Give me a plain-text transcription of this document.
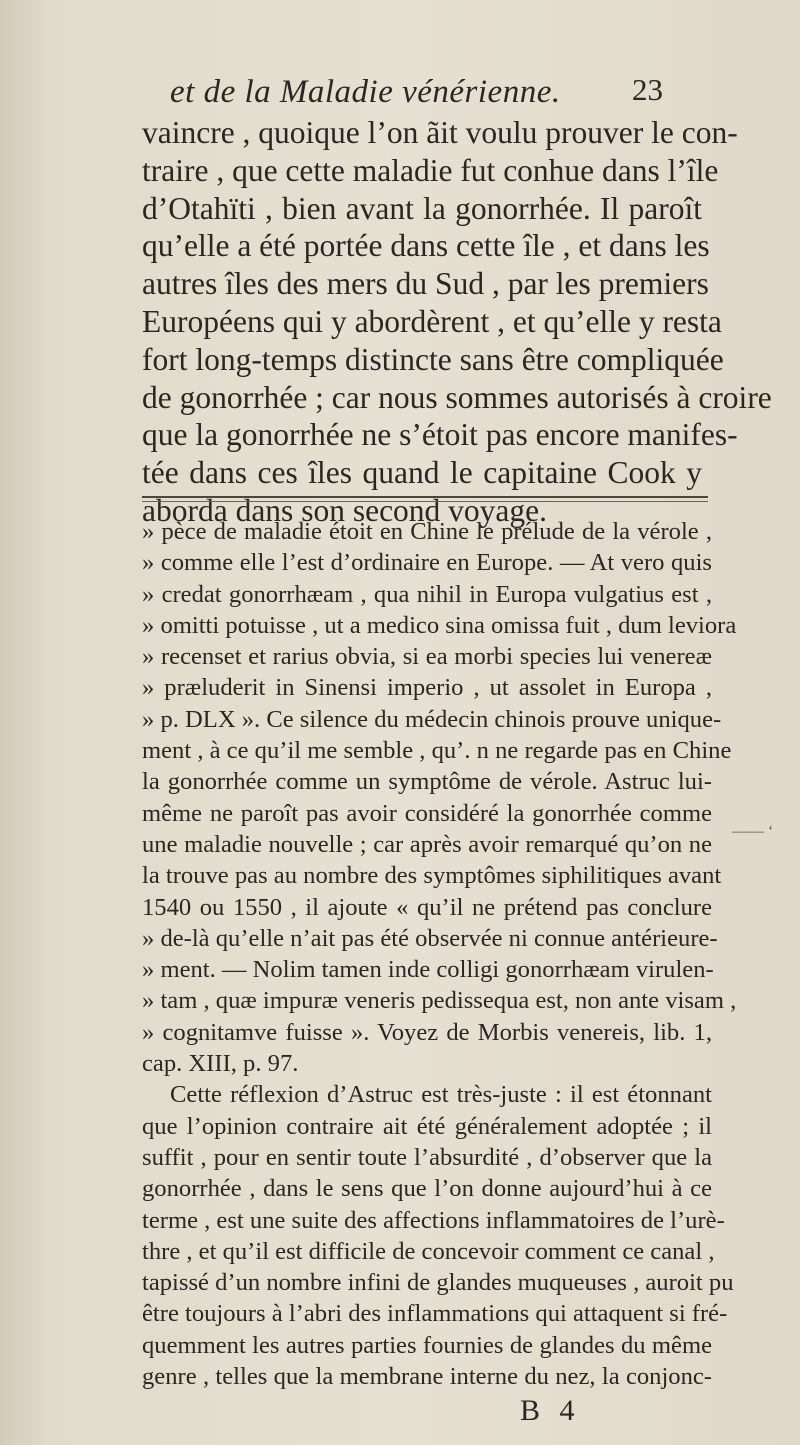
et de la Maladie vénérienne.	23
vaincre , quoique l’on ãit voulu prouver le con-
traire , que cette maladie fut conhue dans l’île
d’Otahïti , bien avant la gonorrhée. Il paroît
qu’elle a été portée dans cette île , et dans les
autres îles des mers du Sud , par les premiers
Européens qui y abordèrent , et qu’elle y resta
fort long-temps distincte sans être compliquée
de gonorrhée ; car nous sommes autorisés à croire
que la gonorrhée ne s’étoit pas encore manifes-
tée dans ces îles quand le capitaine Cook y
aborda dans son second voyage.
» pèce de maladie étoit en Chine le prélude de la vérole ,
» comme elle l’est d’ordinaire en Europe. — At vero quis
» credat gonorrhæam , qua nihil in Europa vulgatius est ,
» omitti potuisse , ut a medico sina omissa fuit , dum leviora
» recenset et rarius obvia, si ea morbi species lui venereæ
» præluderit in Sinensi imperio , ut assolet in Europa ,
» p. DLX ». Ce silence du médecin chinois prouve unique-
ment , à ce qu’il me semble , qu’. n ne regarde pas en Chine
la gonorrhée comme un symptôme de vérole. Astruc lui-
même ne paroît pas avoir considéré la gonorrhée comme
une maladie nouvelle ; car après avoir remarqué qu’on ne
la trouve pas au nombre des symptômes siphilitiques avant
1540 ou 1550 , il ajoute « qu’il ne prétend pas conclure
» de-là qu’elle n’ait pas été observée ni connue antérieure-
» ment. — Nolim tamen inde colligi gonorrhæam virulen-
» tam , quæ impuræ veneris pedissequa est, non ante visam ,
» cognitamve fuisse ». Voyez de Morbis venereis, lib. 1,
cap. XIII, p. 97.
Cette réflexion d’Astruc est très-juste : il est étonnant
que l’opinion contraire ait été généralement adoptée ; il
suffit , pour en sentir toute l’absurdité , d’observer que la
gonorrhée , dans le sens que l’on donne aujourd’hui à ce
terme , est une suite des affections inflammatoires de l’urè-
thre , et qu’il est difficile de concevoir comment ce canal ,
tapissé d’un nombre infini de glandes muqueuses , auroit pu
être toujours à l’abri des inflammations qui attaquent si fré-
quemment les autres parties fournies de glandes du même
genre , telles que la membrane interne du nez, la conjonc-
—— ‘
B 4
